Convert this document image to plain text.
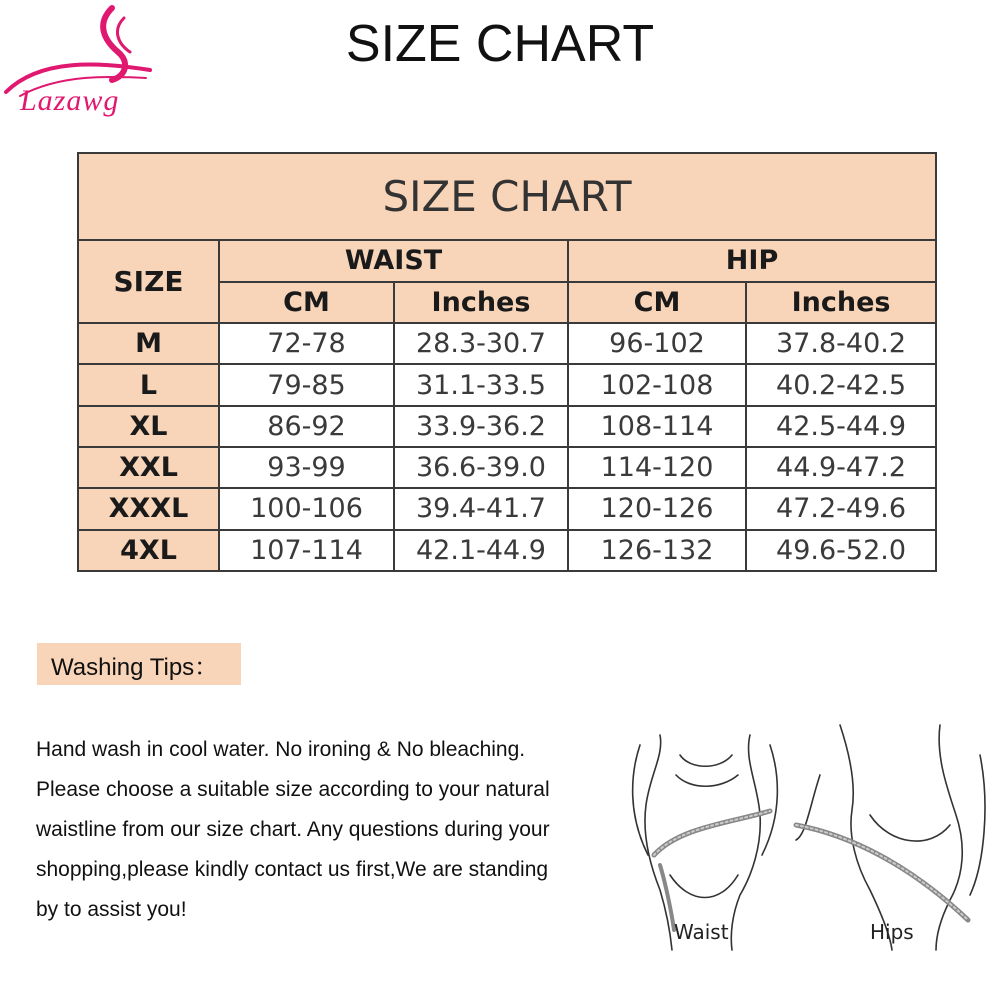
Lazawg
SIZE CHART
SIZE CHART				
SIZE	WAIST		HIP	
	CM	Inches	CM	Inches
M	72-78	28.3-30.7	96-102	37.8-40.2
L	79-85	31.1-33.5	102-108	40.2-42.5
XL	86-92	33.9-36.2	108-114	42.5-44.9
XXL	93-99	36.6-39.0	114-120	44.9-47.2
XXXL	100-106	39.4-41.7	120-126	47.2-49.6
4XL	107-114	42.1-44.9	126-132	49.6-52.0
Washing Tips：
Hand wash in cool water. No ironing & No bleaching.
Please choose a suitable size according to your natural
waistline from our size chart. Any questions during your
shopping,please kindly contact us first,We are standing
by to assist you!
Waist	Hips
